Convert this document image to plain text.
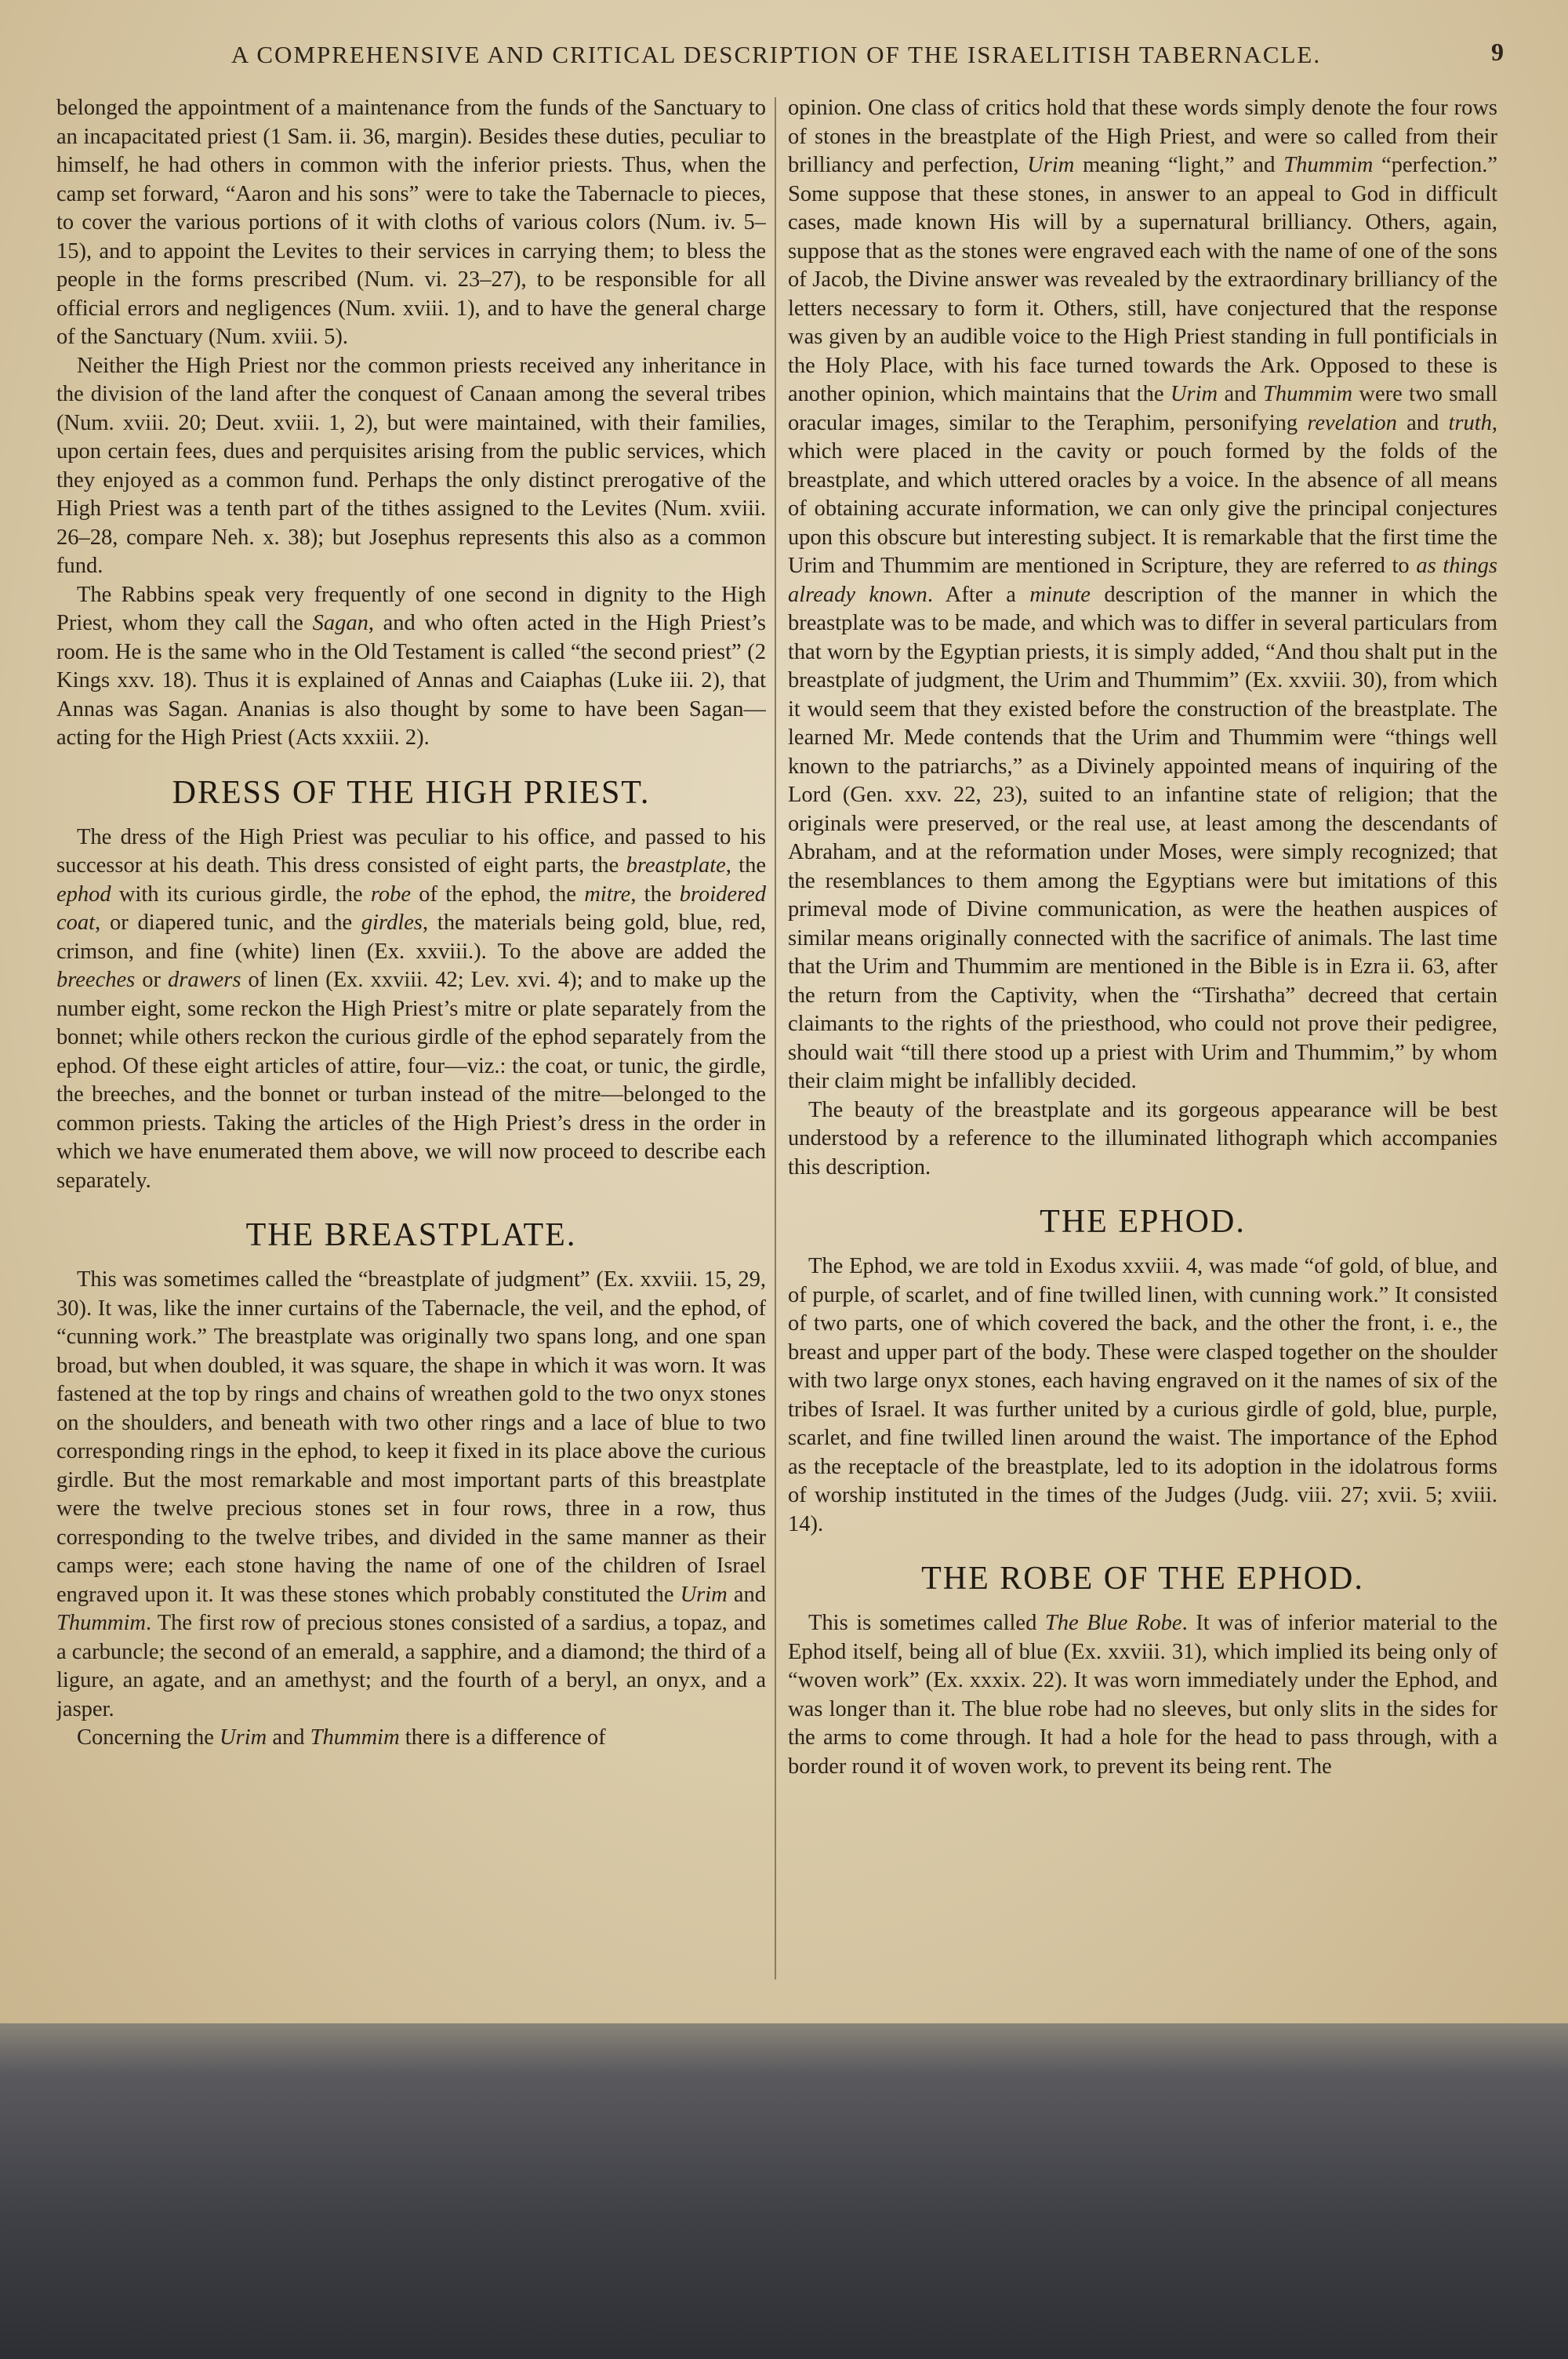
A COMPREHENSIVE AND CRITICAL DESCRIPTION OF THE ISRAELITISH TABERNACLE.	9

belonged the appointment of a maintenance from the funds of the Sanctuary to an incapacitated priest (1 Sam. ii. 36, margin). Besides these duties, peculiar to himself, he had others in common with the inferior priests. Thus, when the camp set forward, “Aaron and his sons” were to take the Tabernacle to pieces, to cover the various portions of it with cloths of various colors (Num. iv. 5–15), and to appoint the Levites to their services in carrying them; to bless the people in the forms prescribed (Num. vi. 23–27), to be responsible for all official errors and negligences (Num. xviii. 1), and to have the general charge of the Sanctuary (Num. xviii. 5).

Neither the High Priest nor the common priests received any inheritance in the division of the land after the conquest of Canaan among the several tribes (Num. xviii. 20; Deut. xviii. 1, 2), but were maintained, with their families, upon certain fees, dues and perquisites arising from the public services, which they enjoyed as a common fund. Perhaps the only distinct prerogative of the High Priest was a tenth part of the tithes assigned to the Levites (Num. xviii. 26–28, compare Neh. x. 38); but Josephus represents this also as a common fund.

The Rabbins speak very frequently of one second in dignity to the High Priest, whom they call the Sagan, and who often acted in the High Priest’s room. He is the same who in the Old Testament is called “the second priest” (2 Kings xxv. 18). Thus it is explained of Annas and Caiaphas (Luke iii. 2), that Annas was Sagan. Ananias is also thought by some to have been Sagan—acting for the High Priest (Acts xxxiii. 2).

DRESS OF THE HIGH PRIEST.

The dress of the High Priest was peculiar to his office, and passed to his successor at his death. This dress consisted of eight parts, the breastplate, the ephod with its curious girdle, the robe of the ephod, the mitre, the broidered coat, or diapered tunic, and the girdles, the materials being gold, blue, red, crimson, and fine (white) linen (Ex. xxviii.). To the above are added the breeches or drawers of linen (Ex. xxviii. 42; Lev. xvi. 4); and to make up the number eight, some reckon the High Priest’s mitre or plate separately from the bonnet; while others reckon the curious girdle of the ephod separately from the ephod. Of these eight articles of attire, four—viz.: the coat, or tunic, the girdle, the breeches, and the bonnet or turban instead of the mitre—belonged to the common priests. Taking the articles of the High Priest’s dress in the order in which we have enumerated them above, we will now proceed to describe each separately.

THE BREASTPLATE.

This was sometimes called the “breastplate of judgment” (Ex. xxviii. 15, 29, 30). It was, like the inner curtains of the Tabernacle, the veil, and the ephod, of “cunning work.” The breastplate was originally two spans long, and one span broad, but when doubled, it was square, the shape in which it was worn. It was fastened at the top by rings and chains of wreathen gold to the two onyx stones on the shoulders, and beneath with two other rings and a lace of blue to two corresponding rings in the ephod, to keep it fixed in its place above the curious girdle. But the most remarkable and most important parts of this breastplate were the twelve precious stones set in four rows, three in a row, thus corresponding to the twelve tribes, and divided in the same manner as their camps were; each stone having the name of one of the children of Israel engraved upon it. It was these stones which probably constituted the Urim and Thummim. The first row of precious stones consisted of a sardius, a topaz, and a carbuncle; the second of an emerald, a sapphire, and a diamond; the third of a ligure, an agate, and an amethyst; and the fourth of a beryl, an onyx, and a jasper.

Concerning the Urim and Thummim there is a difference of

opinion. One class of critics hold that these words simply denote the four rows of stones in the breastplate of the High Priest, and were so called from their brilliancy and perfection, Urim meaning “light,” and Thummim “perfection.” Some suppose that these stones, in answer to an appeal to God in difficult cases, made known His will by a supernatural brilliancy. Others, again, suppose that as the stones were engraved each with the name of one of the sons of Jacob, the Divine answer was revealed by the extraordinary brilliancy of the letters necessary to form it. Others, still, have conjectured that the response was given by an audible voice to the High Priest standing in full pontificials in the Holy Place, with his face turned towards the Ark. Opposed to these is another opinion, which maintains that the Urim and Thummim were two small oracular images, similar to the Teraphim, personifying revelation and truth, which were placed in the cavity or pouch formed by the folds of the breastplate, and which uttered oracles by a voice. In the absence of all means of obtaining accurate information, we can only give the principal conjectures upon this obscure but interesting subject. It is remarkable that the first time the Urim and Thummim are mentioned in Scripture, they are referred to as things already known. After a minute description of the manner in which the breastplate was to be made, and which was to differ in several particulars from that worn by the Egyptian priests, it is simply added, “And thou shalt put in the breastplate of judgment, the Urim and Thummim” (Ex. xxviii. 30), from which it would seem that they existed before the construction of the breastplate. The learned Mr. Mede contends that the Urim and Thummim were “things well known to the patriarchs,” as a Divinely appointed means of inquiring of the Lord (Gen. xxv. 22, 23), suited to an infantine state of religion; that the originals were preserved, or the real use, at least among the descendants of Abraham, and at the reformation under Moses, were simply recognized; that the resemblances to them among the Egyptians were but imitations of this primeval mode of Divine communication, as were the heathen auspices of similar means originally connected with the sacrifice of animals. The last time that the Urim and Thummim are mentioned in the Bible is in Ezra ii. 63, after the return from the Captivity, when the “Tirshatha” decreed that certain claimants to the rights of the priesthood, who could not prove their pedigree, should wait “till there stood up a priest with Urim and Thummim,” by whom their claim might be infallibly decided.

The beauty of the breastplate and its gorgeous appearance will be best understood by a reference to the illuminated lithograph which accompanies this description.

THE EPHOD.

The Ephod, we are told in Exodus xxviii. 4, was made “of gold, of blue, and of purple, of scarlet, and of fine twilled linen, with cunning work.” It consisted of two parts, one of which covered the back, and the other the front, i. e., the breast and upper part of the body. These were clasped together on the shoulder with two large onyx stones, each having engraved on it the names of six of the tribes of Israel. It was further united by a curious girdle of gold, blue, purple, scarlet, and fine twilled linen around the waist. The importance of the Ephod as the receptacle of the breastplate, led to its adoption in the idolatrous forms of worship instituted in the times of the Judges (Judg. viii. 27; xvii. 5; xviii. 14).

THE ROBE OF THE EPHOD.

This is sometimes called The Blue Robe. It was of inferior material to the Ephod itself, being all of blue (Ex. xxviii. 31), which implied its being only of “woven work” (Ex. xxxix. 22). It was worn immediately under the Ephod, and was longer than it. The blue robe had no sleeves, but only slits in the sides for the arms to come through. It had a hole for the head to pass through, with a border round it of woven work, to prevent its being rent. The
